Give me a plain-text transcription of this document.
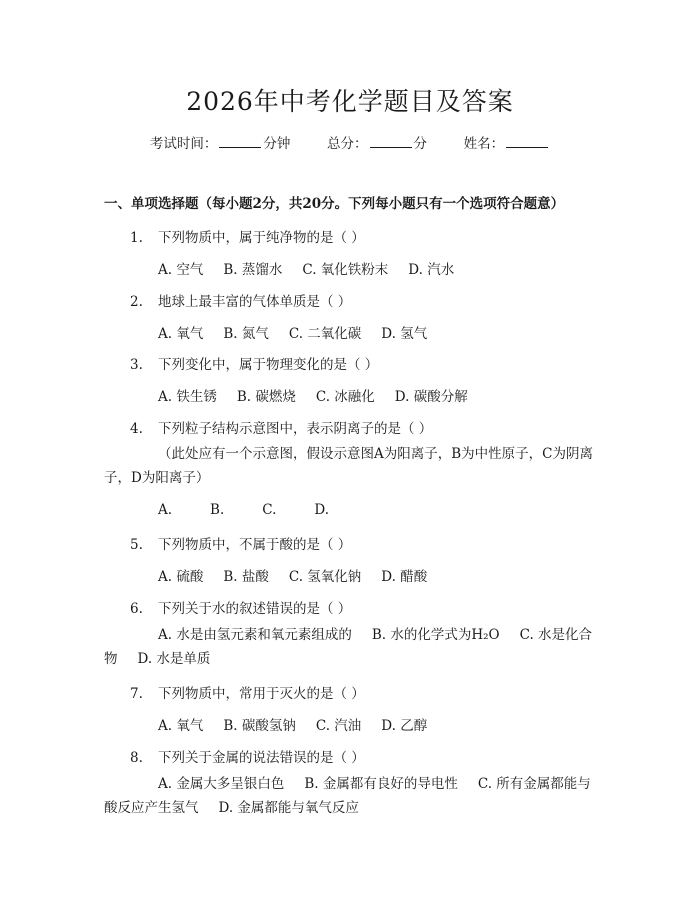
2026年中考化学题目及答案
考试时间：	分钟	总分：	分	姓名：
一、单项选择题（每小题2分，共20分。下列每小题只有一个选项符合题意）
1. 下列物质中，属于纯净物的是（ ）
A. 空气 B. 蒸馏水 C. 氧化铁粉末 D. 汽水
2. 地球上最丰富的气体单质是（ ）
A. 氧气 B. 氮气 C. 二氧化碳 D. 氢气
3. 下列变化中，属于物理变化的是（ ）
A. 铁生锈 B. 碳燃烧 C. 冰融化 D. 碳酸分解
4. 下列粒子结构示意图中，表示阴离子的是（ ）
（此处应有一个示意图，假设示意图A为阳离子，B为中性原子，C为阴离子，D为阳离子）
A.	B.	C.	D.
5. 下列物质中，不属于酸的是（ ）
A. 硫酸 B. 盐酸 C. 氢氧化钠 D. 醋酸
6. 下列关于水的叙述错误的是（ ）
A. 水是由氢元素和氧元素组成的 B. 水的化学式为H₂O C. 水是化合物 D. 水是单质
7. 下列物质中，常用于灭火的是（ ）
A. 氧气 B. 碳酸氢钠 C. 汽油 D. 乙醇
8. 下列关于金属的说法错误的是（ ）
A. 金属大多呈银白色 B. 金属都有良好的导电性 C. 所有金属都能与酸反应产生氢气 D. 金属都能与氧气反应
